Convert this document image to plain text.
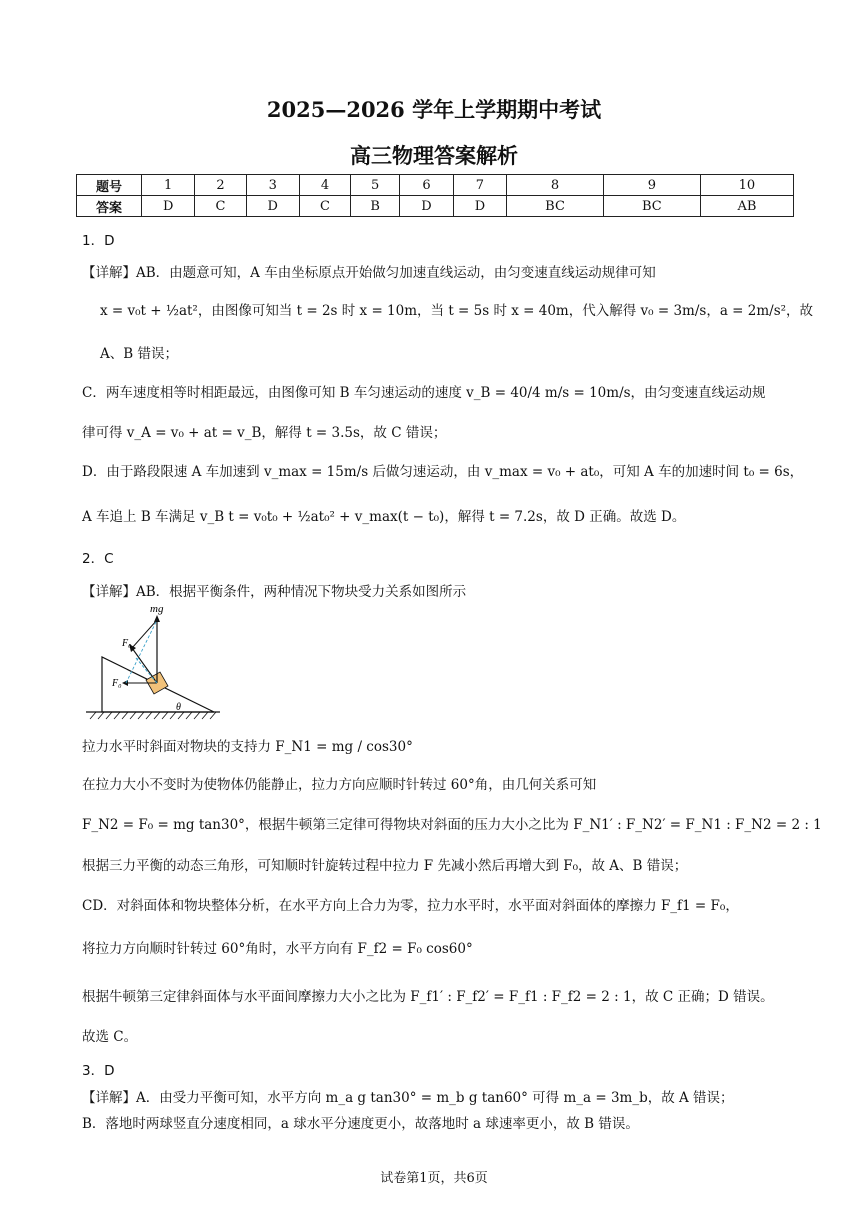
2025—2026 学年上学期期中考试
高三物理答案解析
题号	1	2	3	4	5	6	7	8	9	10
答案	D	C	D	C	B	D	D	BC	BC	AB
1．D
【详解】AB．由题意可知，A 车由坐标原点开始做匀加速直线运动，由匀变速直线运动规律可知
x = v₀t + ½at²，由图像可知当 t = 2s 时 x = 10m，当 t = 5s 时 x = 40m，代入解得 v₀ = 3m/s，a = 2m/s²，故
A、B 错误；
C．两车速度相等时相距最远，由图像可知 B 车匀速运动的速度 v_B = 40/4 m/s = 10m/s，由匀变速直线运动规
律可得 v_A = v₀ + at = v_B，解得 t = 3.5s，故 C 错误；
D．由于路段限速 A 车加速到 v_max = 15m/s 后做匀速运动，由 v_max = v₀ + at₀，可知 A 车的加速时间 t₀ = 6s，
A 车追上 B 车满足 v_B t = v₀t₀ + ½at₀² + v_max(t − t₀)，解得 t = 7.2s，故 D 正确。故选 D。
2．C
【详解】AB．根据平衡条件，两种情况下物块受力关系如图所示
mg
F₀
F₀
θ
拉力水平时斜面对物块的支持力 F_N1 = mg / cos30°
在拉力大小不变时为使物体仍能静止，拉力方向应顺时针转过 60°角，由几何关系可知
F_N2 = F₀ = mg tan30°，根据牛顿第三定律可得物块对斜面的压力大小之比为 F_N1′ : F_N2′ = F_N1 : F_N2 = 2 : 1
根据三力平衡的动态三角形，可知顺时针旋转过程中拉力 F 先减小然后再增大到 F₀，故 A、B 错误；
CD．对斜面体和物块整体分析，在水平方向上合力为零，拉力水平时，水平面对斜面体的摩擦力 F_f1 = F₀，
将拉力方向顺时针转过 60°角时，水平方向有 F_f2 = F₀ cos60°
根据牛顿第三定律斜面体与水平面间摩擦力大小之比为 F_f1′ : F_f2′ = F_f1 : F_f2 = 2 : 1，故 C 正确；D 错误。
故选 C。
3．D
【详解】A．由受力平衡可知，水平方向 m_a g tan30° = m_b g tan60° 可得 m_a = 3m_b，故 A 错误；
B．落地时两球竖直分速度相同，a 球水平分速度更小，故落地时 a 球速率更小，故 B 错误。
试卷第1页，共6页
